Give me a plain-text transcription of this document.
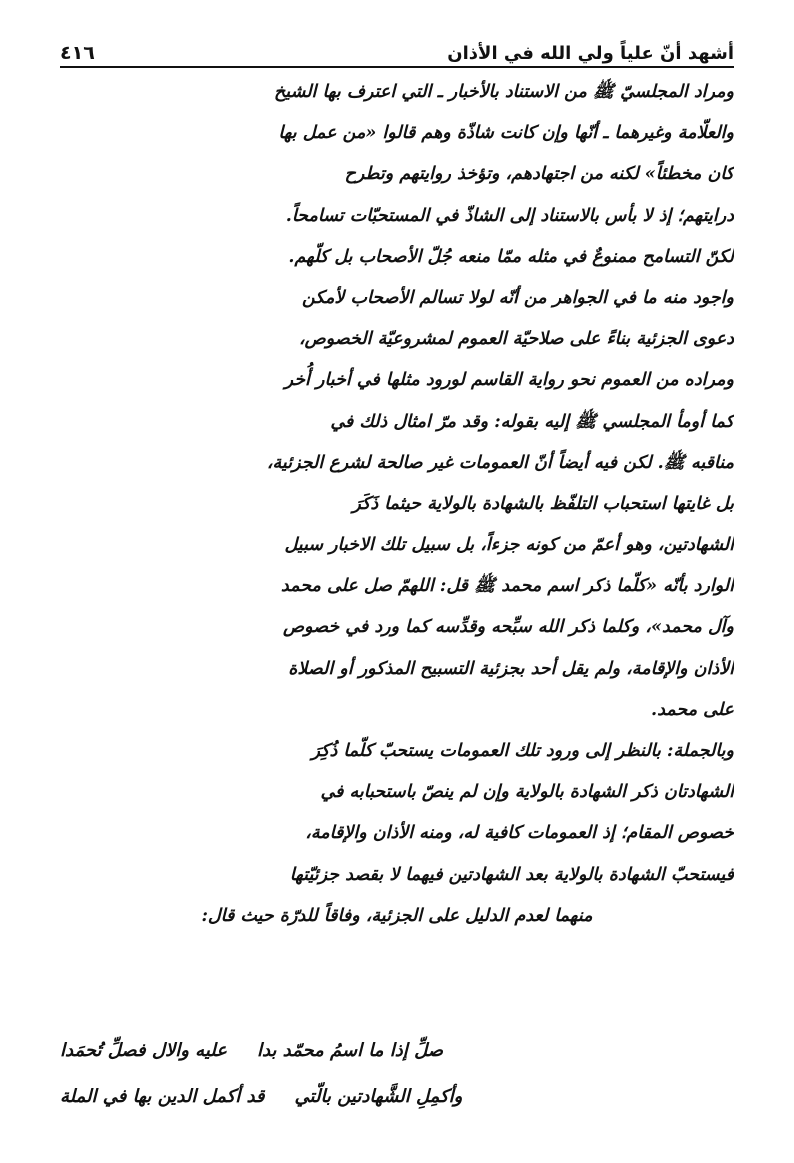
٤١٦	أشهد أنّ علياً ولي الله في الأذان
ومراد المجلسيّ ﷺ من الاستناد بالأخبار ـ التي اعترف بها الشيخ
والعلّامة وغيرهما ـ أنّها وإن كانت شاذّة وهم قالوا «من عمل بها
كان مخطئاً» لكنه من اجتهادهم، وتؤخذ روايتهم وتطرح
درايتهم؛ إذ لا بأس بالاستناد إلى الشاذّ في المستحبّات تسامحاً.
لكنّ التسامح ممنوعٌ في مثله ممّا منعه جُلّ الأصحاب بل كلّهم.
واجود منه ما في الجواهر من أنّه لولا تسالم الأصحاب لأمكن
دعوى الجزئية بناءً على صلاحيّة العموم لمشروعيّة الخصوص،
ومراده من العموم نحو رواية القاسم لورود مثلها في أخبار أُخر
كما أومأ المجلسي ﷺ إليه بقوله: وقد مرّ امثال ذلك في
مناقبه ﷺ. لكن فيه أيضاً أنّ العمومات غير صالحة لشرع الجزئية،
بل غايتها استحباب التلفّظ بالشهادة بالولاية حيثما ذَكَرَ
الشهادتين، وهو أعمّ من كونه جزءاً، بل سبيل تلك الاخبار سبيل
الوارد بأنّه «كلّما ذكر اسم محمد ﷺ قل: اللهمّ صل على محمد
وآل محمد»، وكلما ذكر الله سبِّحه وقدِّسه كما ورد في خصوص
الأذان والإقامة، ولم يقل أحد بجزئية التسبيح المذكور أو الصلاة
على محمد.
وبالجملة: بالنظر إلى ورود تلك العمومات يستحبّ كلّما ذُكِرَ
الشهادتان ذكر الشهادة بالولاية وإن لم ينصّ باستحبابه في
خصوص المقام؛ إذ العمومات كافية له، ومنه الأذان والإقامة،
فيستحبّ الشهادة بالولاية بعد الشهادتين فيهما لا بقصد جزئيّتها
منهما لعدم الدليل على الجزئية، وفاقاً للدرّة حيث قال:
صلِّ إذا ما اسمُ محمّد بدا
عليه والال فصلِّ تُحمَدا
وأكمِلِ الشَّهادتين بالّتي
قد أكمل الدين بها في الملة
